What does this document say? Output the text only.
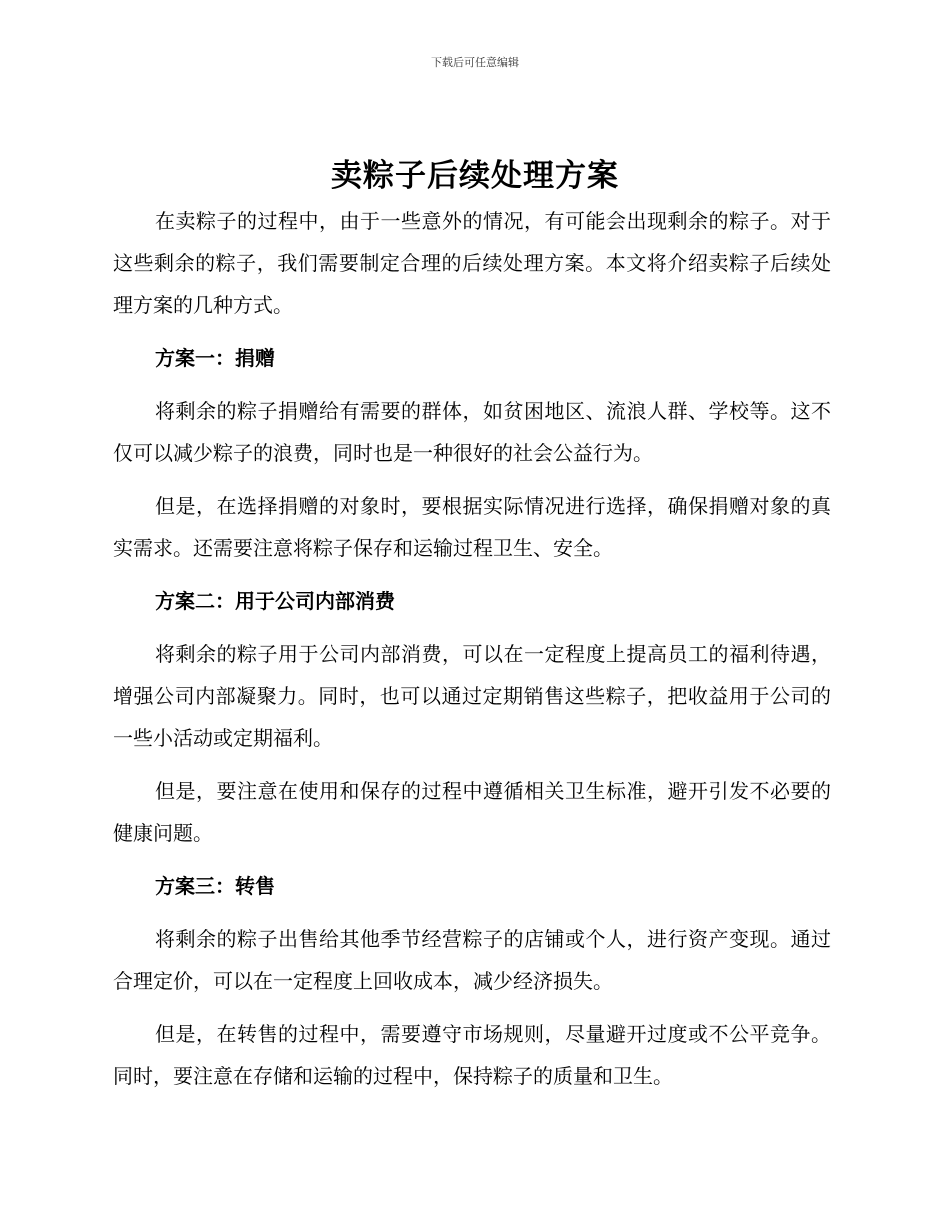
下载后可任意编辑
卖粽子后续处理方案

在卖粽子的过程中，由于一些意外的情况，有可能会出现剩余的粽子。对于这些剩余的粽子，我们需要制定合理的后续处理方案。本文将介绍卖粽子后续处理方案的几种方式。

方案一：捐赠

将剩余的粽子捐赠给有需要的群体，如贫困地区、流浪人群、学校等。这不仅可以减少粽子的浪费，同时也是一种很好的社会公益行为。

但是，在选择捐赠的对象时，要根据实际情况进行选择，确保捐赠对象的真实需求。还需要注意将粽子保存和运输过程卫生、安全。

方案二：用于公司内部消费

将剩余的粽子用于公司内部消费，可以在一定程度上提高员工的福利待遇，增强公司内部凝聚力。同时，也可以通过定期销售这些粽子，把收益用于公司的一些小活动或定期福利。

但是，要注意在使用和保存的过程中遵循相关卫生标准，避开引发不必要的健康问题。

方案三：转售

将剩余的粽子出售给其他季节经营粽子的店铺或个人，进行资产变现。通过合理定价，可以在一定程度上回收成本，减少经济损失。

但是，在转售的过程中，需要遵守市场规则，尽量避开过度或不公平竞争。同时，要注意在存储和运输的过程中，保持粽子的质量和卫生。
